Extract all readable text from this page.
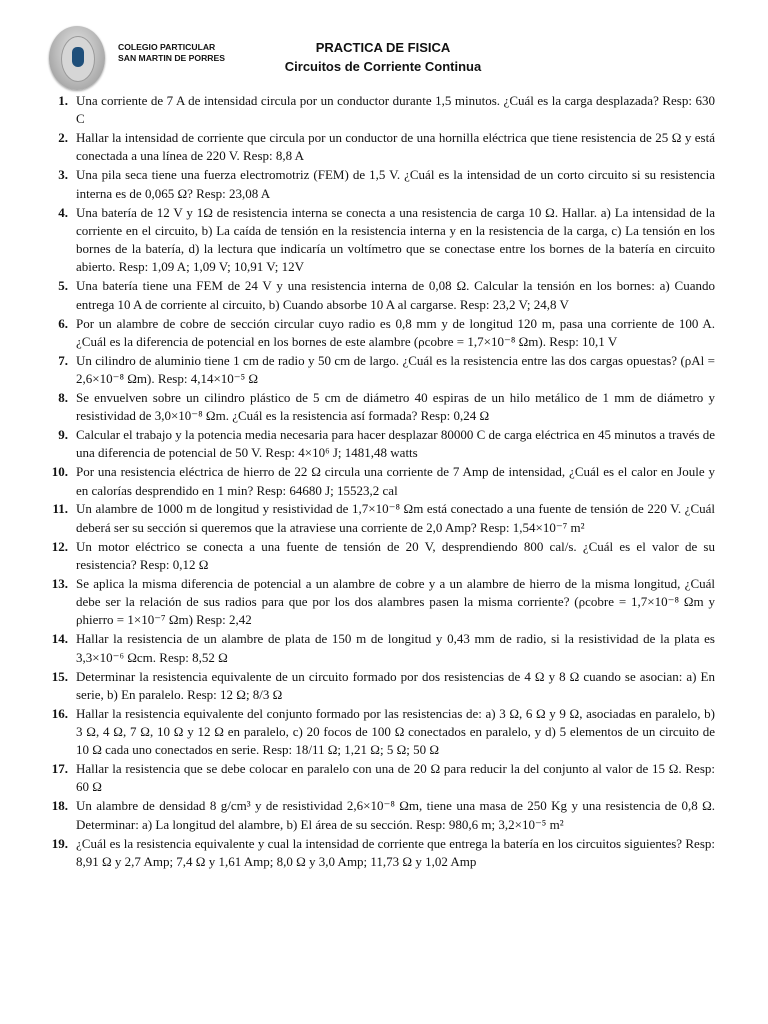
COLEGIO PARTICULAR
SAN MARTIN DE PORRES
PRACTICA DE FISICA
Circuitos de Corriente Continua
1. Una corriente de 7 A de intensidad circula por un conductor durante 1,5 minutos. ¿Cuál es la carga desplazada? Resp: 630 C
2. Hallar la intensidad de corriente que circula por un conductor de una hornilla eléctrica que tiene resistencia de 25 Ω y está conectada a una línea de 220 V. Resp: 8,8 A
3. Una pila seca tiene una fuerza electromotriz (FEM) de 1,5 V. ¿Cuál es la intensidad de un corto circuito si su resistencia interna es de 0,065 Ω? Resp: 23,08 A
4. Una batería de 12 V y 1Ω de resistencia interna se conecta a una resistencia de carga 10 Ω. Hallar. a) La intensidad de la corriente en el circuito, b) La caída de tensión en la resistencia interna y en la resistencia de la carga, c) La tensión en los bornes de la batería, d) la lectura que indicaría un voltímetro que se conectase entre los bornes de la batería en circuito abierto. Resp: 1,09 A; 1,09 V; 10,91 V; 12V
5. Una batería tiene una FEM de 24 V y una resistencia interna de 0,08 Ω. Calcular la tensión en los bornes: a) Cuando entrega 10 A de corriente al circuito, b) Cuando absorbe 10 A al cargarse. Resp: 23,2 V; 24,8 V
6. Por un alambre de cobre de sección circular cuyo radio es 0,8 mm y de longitud 120 m, pasa una corriente de 100 A. ¿Cuál es la diferencia de potencial en los bornes de este alambre (ρcobre = 1,7×10⁻⁸ Ωm). Resp: 10,1 V
7. Un cilindro de aluminio tiene 1 cm de radio y 50 cm de largo. ¿Cuál es la resistencia entre las dos cargas opuestas? (ρAl = 2,6×10⁻⁸ Ωm). Resp: 4,14×10⁻⁵ Ω
8. Se envuelven sobre un cilindro plástico de 5 cm de diámetro 40 espiras de un hilo metálico de 1 mm de diámetro y resistividad de 3,0×10⁻⁸ Ωm. ¿Cuál es la resistencia así formada? Resp: 0,24 Ω
9. Calcular el trabajo y la potencia media necesaria para hacer desplazar 80000 C de carga eléctrica en 45 minutos a través de una diferencia de potencial de 50 V. Resp: 4×10⁶ J; 1481,48 watts
10. Por una resistencia eléctrica de hierro de 22 Ω circula una corriente de 7 Amp de intensidad, ¿Cuál es el calor en Joule y en calorías desprendido en 1 min? Resp: 64680 J; 15523,2 cal
11. Un alambre de 1000 m de longitud y resistividad de 1,7×10⁻⁸ Ωm está conectado a una fuente de tensión de 220 V. ¿Cuál deberá ser su sección si queremos que la atraviese una corriente de 2,0 Amp? Resp: 1,54×10⁻⁷ m²
12. Un motor eléctrico se conecta a una fuente de tensión de 20 V, desprendiendo 800 cal/s. ¿Cuál es el valor de su resistencia? Resp: 0,12 Ω
13. Se aplica la misma diferencia de potencial a un alambre de cobre y a un alambre de hierro de la misma longitud, ¿Cuál debe ser la relación de sus radios para que por los dos alambres pasen la misma corriente? (ρcobre = 1,7×10⁻⁸ Ωm y ρhierro = 1×10⁻⁷ Ωm) Resp: 2,42
14. Hallar la resistencia de un alambre de plata de 150 m de longitud y 0,43 mm de radio, si la resistividad de la plata es 3,3×10⁻⁶ Ωcm. Resp: 8,52 Ω
15. Determinar la resistencia equivalente de un circuito formado por dos resistencias de 4 Ω y 8 Ω cuando se asocian: a) En serie, b) En paralelo. Resp: 12 Ω; 8/3 Ω
16. Hallar la resistencia equivalente del conjunto formado por las resistencias de: a) 3 Ω, 6 Ω y 9 Ω, asociadas en paralelo, b) 3 Ω, 4 Ω, 7 Ω, 10 Ω y 12 Ω en paralelo, c) 20 focos de 100 Ω conectados en paralelo, y d) 5 elementos de un circuito de 10 Ω cada uno conectados en serie. Resp: 18/11 Ω; 1,21 Ω; 5 Ω; 50 Ω
17. Hallar la resistencia que se debe colocar en paralelo con una de 20 Ω para reducir la del conjunto al valor de 15 Ω. Resp: 60 Ω
18. Un alambre de densidad 8 g/cm³ y de resistividad 2,6×10⁻⁸ Ωm, tiene una masa de 250 Kg y una resistencia de 0,8 Ω. Determinar: a) La longitud del alambre, b) El área de su sección. Resp: 980,6 m; 3,2×10⁻⁵ m²
19. ¿Cuál es la resistencia equivalente y cual la intensidad de corriente que entrega la batería en los circuitos siguientes? Resp: 8,91 Ω y 2,7 Amp; 7,4 Ω y 1,61 Amp; 8,0 Ω y 3,0 Amp; 11,73 Ω y 1,02 Amp
